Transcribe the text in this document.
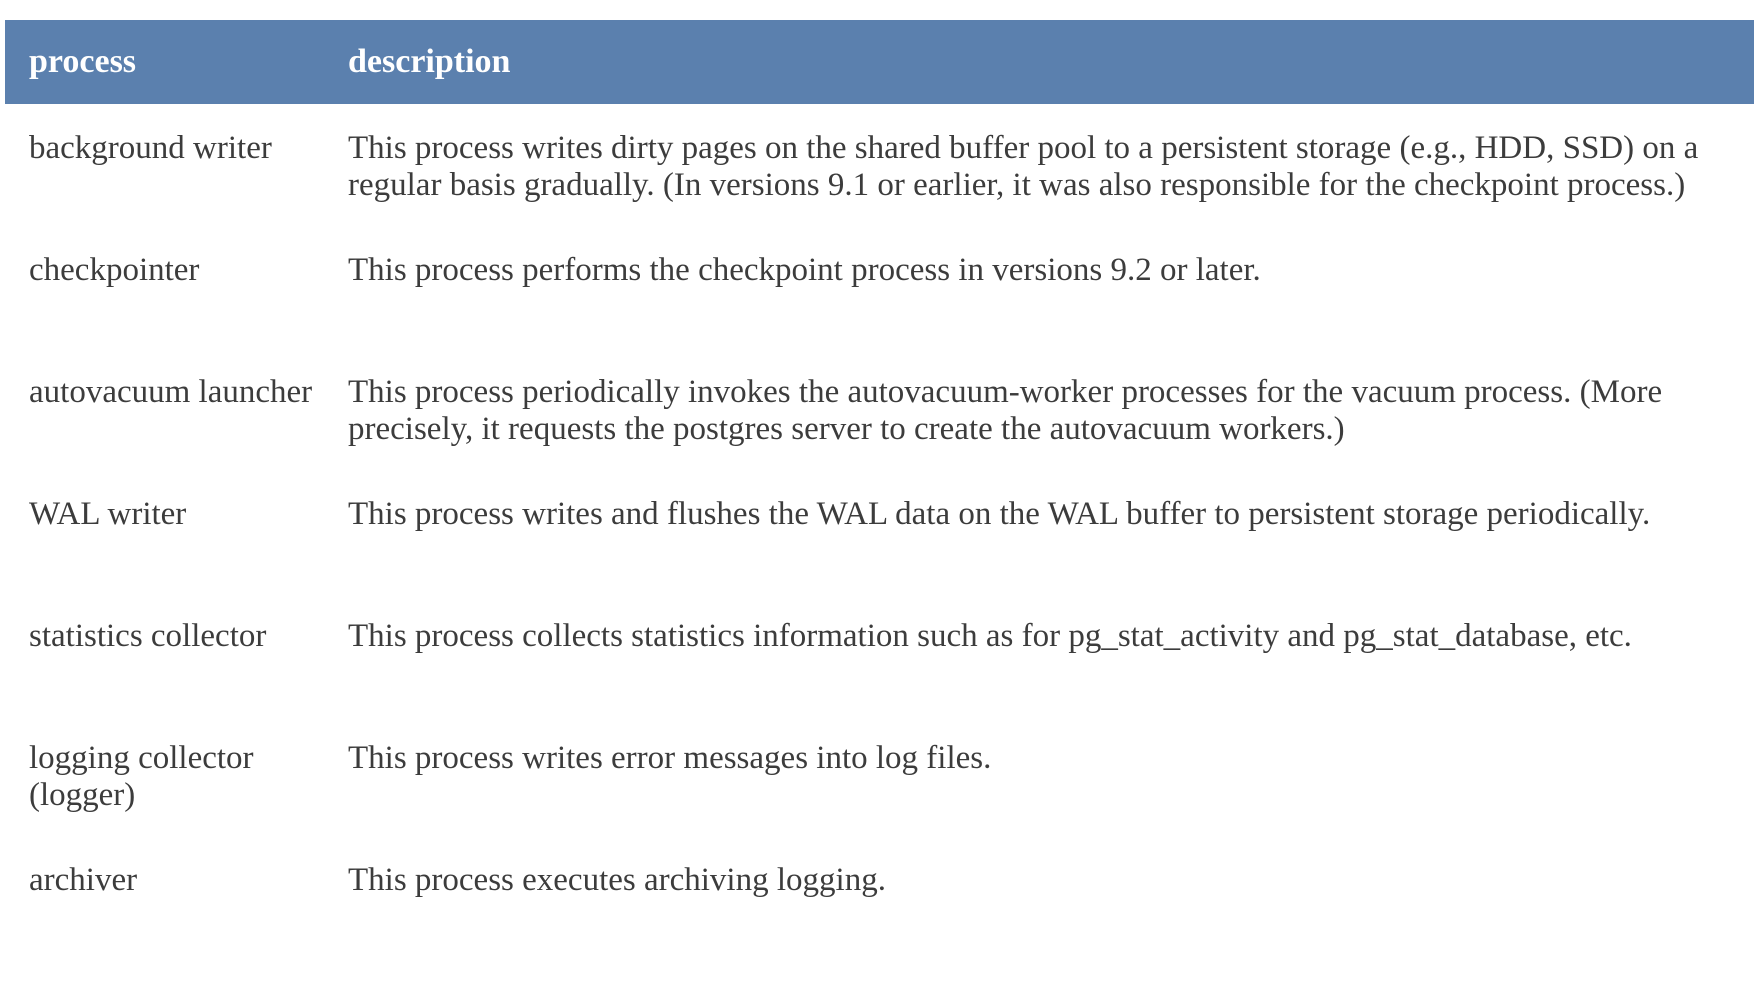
process	description
background writer	This process writes dirty pages on the shared buffer pool to a persistent storage (e.g., HDD, SSD) on a regular basis gradually. (In versions 9.1 or earlier, it was also responsible for the checkpoint process.)
checkpointer	This process performs the checkpoint process in versions 9.2 or later.
autovacuum launcher	This process periodically invokes the autovacuum-worker processes for the vacuum process. (More precisely, it requests the postgres server to create the autovacuum workers.)
WAL writer	This process writes and flushes the WAL data on the WAL buffer to persistent storage periodically.
statistics collector	This process collects statistics information such as for pg_stat_activity and pg_stat_database, etc.
logging collector (logger)	This process writes error messages into log files.
archiver	This process executes archiving logging.
